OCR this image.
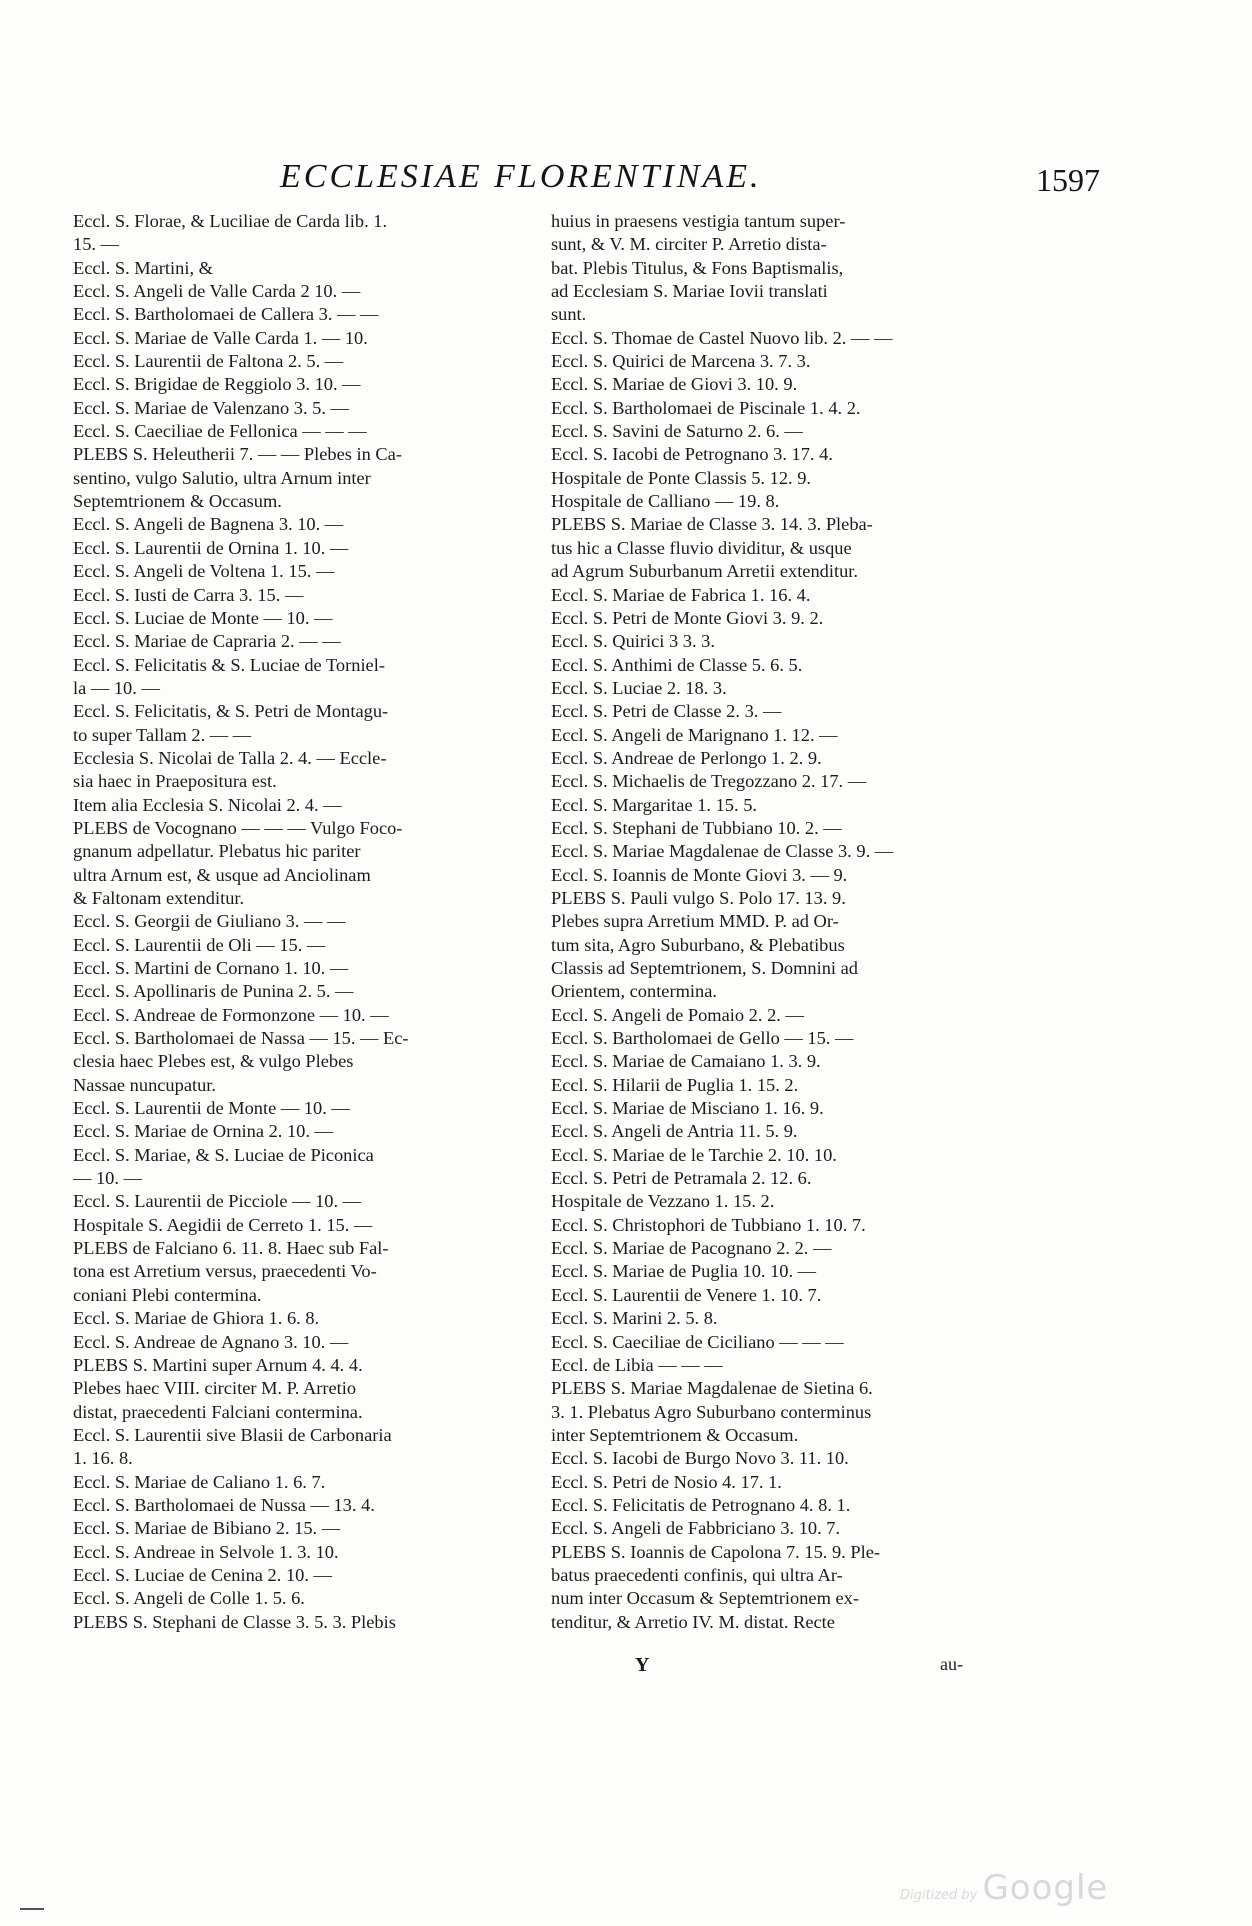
ECCLESIAE FLORENTINAE.	1597
Eccl. S. Florae, & Luciliae de Carda lib. 1.
15. —
Eccl. S. Martini, &
Eccl. S. Angeli de Valle Carda 2 10. —
Eccl. S. Bartholomaei de Callera 3. — —
Eccl. S. Mariae de Valle Carda 1. — 10.
Eccl. S. Laurentii de Faltona 2. 5. —
Eccl. S. Brigidae de Reggiolo 3. 10. —
Eccl. S. Mariae de Valenzano 3. 5. —
Eccl. S. Caeciliae de Fellonica — — —
PLEBS S. Heleutherii 7. — — Plebes in Ca-
sentino, vulgo Salutio, ultra Arnum inter
Septemtrionem & Occasum.
Eccl. S. Angeli de Bagnena 3. 10. —
Eccl. S. Laurentii de Ornina 1. 10. —
Eccl. S. Angeli de Voltena 1. 15. —
Eccl. S. Iusti de Carra 3. 15. —
Eccl. S. Luciae de Monte — 10. —
Eccl. S. Mariae de Capraria 2. — —
Eccl. S. Felicitatis & S. Luciae de Torniel-
la — 10. —
Eccl. S. Felicitatis, & S. Petri de Montagu-
to super Tallam 2. — —
Ecclesia S. Nicolai de Talla 2. 4. — Eccle-
sia haec in Praepositura est.
Item alia Ecclesia S. Nicolai 2. 4. —
PLEBS de Vocognano — — — Vulgo Foco-
gnanum adpellatur. Plebatus hic pariter
ultra Arnum est, & usque ad Anciolinam
& Faltonam extenditur.
Eccl. S. Georgii de Giuliano 3. — —
Eccl. S. Laurentii de Oli — 15. —
Eccl. S. Martini de Cornano 1. 10. —
Eccl. S. Apollinaris de Punina 2. 5. —
Eccl. S. Andreae de Formonzone — 10. —
Eccl. S. Bartholomaei de Nassa — 15. — Ec-
clesia haec Plebes est, & vulgo Plebes
Nassae nuncupatur.
Eccl. S. Laurentii de Monte — 10. —
Eccl. S. Mariae de Ornina 2. 10. —
Eccl. S. Mariae, & S. Luciae de Piconica
— 10. —
Eccl. S. Laurentii de Picciole — 10. —
Hospitale S. Aegidii de Cerreto 1. 15. —
PLEBS de Falciano 6. 11. 8. Haec sub Fal-
tona est Arretium versus, praecedenti Vo-
coniani Plebi contermina.
Eccl. S. Mariae de Ghiora 1. 6. 8.
Eccl. S. Andreae de Agnano 3. 10. —
PLEBS S. Martini super Arnum 4. 4. 4.
Plebes haec VIII. circiter M. P. Arretio
distat, praecedenti Falciani contermina.
Eccl. S. Laurentii sive Blasii de Carbonaria
1. 16. 8.
Eccl. S. Mariae de Caliano 1. 6. 7.
Eccl. S. Bartholomaei de Nussa — 13. 4.
Eccl. S. Mariae de Bibiano 2. 15. —
Eccl. S. Andreae in Selvole 1. 3. 10.
Eccl. S. Luciae de Cenina 2. 10. —
Eccl. S. Angeli de Colle 1. 5. 6.
PLEBS S. Stephani de Classe 3. 5. 3. Plebis
huius in praesens vestigia tantum super-
sunt, & V. M. circiter P. Arretio dista-
bat. Plebis Titulus, & Fons Baptismalis,
ad Ecclesiam S. Mariae Iovii translati
sunt.
Eccl. S. Thomae de Castel Nuovo lib. 2. — —
Eccl. S. Quirici de Marcena 3. 7. 3.
Eccl. S. Mariae de Giovi 3. 10. 9.
Eccl. S. Bartholomaei de Piscinale 1. 4. 2.
Eccl. S. Savini de Saturno 2. 6. —
Eccl. S. Iacobi de Petrognano 3. 17. 4.
Hospitale de Ponte Classis 5. 12. 9.
Hospitale de Calliano — 19. 8.
PLEBS S. Mariae de Classe 3. 14. 3. Pleba-
tus hic a Classe fluvio dividitur, & usque
ad Agrum Suburbanum Arretii extenditur.
Eccl. S. Mariae de Fabrica 1. 16. 4.
Eccl. S. Petri de Monte Giovi 3. 9. 2.
Eccl. S. Quirici 3 3. 3.
Eccl. S. Anthimi de Classe 5. 6. 5.
Eccl. S. Luciae 2. 18. 3.
Eccl. S. Petri de Classe 2. 3. —
Eccl. S. Angeli de Marignano 1. 12. —
Eccl. S. Andreae de Perlongo 1. 2. 9.
Eccl. S. Michaelis de Tregozzano 2. 17. —
Eccl. S. Margaritae 1. 15. 5.
Eccl. S. Stephani de Tubbiano 10. 2. —
Eccl. S. Mariae Magdalenae de Classe 3. 9. —
Eccl. S. Ioannis de Monte Giovi 3. — 9.
PLEBS S. Pauli vulgo S. Polo 17. 13. 9.
Plebes supra Arretium MMD. P. ad Or-
tum sita, Agro Suburbano, & Plebatibus
Classis ad Septemtrionem, S. Domnini ad
Orientem, contermina.
Eccl. S. Angeli de Pomaio 2. 2. —
Eccl. S. Bartholomaei de Gello — 15. —
Eccl. S. Mariae de Camaiano 1. 3. 9.
Eccl. S. Hilarii de Puglia 1. 15. 2.
Eccl. S. Mariae de Misciano 1. 16. 9.
Eccl. S. Angeli de Antria 11. 5. 9.
Eccl. S. Mariae de le Tarchie 2. 10. 10.
Eccl. S. Petri de Petramala 2. 12. 6.
Hospitale de Vezzano 1. 15. 2.
Eccl. S. Christophori de Tubbiano 1. 10. 7.
Eccl. S. Mariae de Pacognano 2. 2. —
Eccl. S. Mariae de Puglia 10. 10. —
Eccl. S. Laurentii de Venere 1. 10. 7.
Eccl. S. Marini 2. 5. 8.
Eccl. S. Caeciliae de Ciciliano — — —
Eccl. de Libia — — —
PLEBS S. Mariae Magdalenae de Sietina 6.
3. 1. Plebatus Agro Suburbano conterminus
inter Septemtrionem & Occasum.
Eccl. S. Iacobi de Burgo Novo 3. 11. 10.
Eccl. S. Petri de Nosio 4. 17. 1.
Eccl. S. Felicitatis de Petrognano 4. 8. 1.
Eccl. S. Angeli de Fabbriciano 3. 10. 7.
PLEBS S. Ioannis de Capolona 7. 15. 9. Ple-
batus praecedenti confinis, qui ultra Ar-
num inter Occasum & Septemtrionem ex-
tenditur, & Arretio IV. M. distat. Recte
Y	au-
Digitized by Google
